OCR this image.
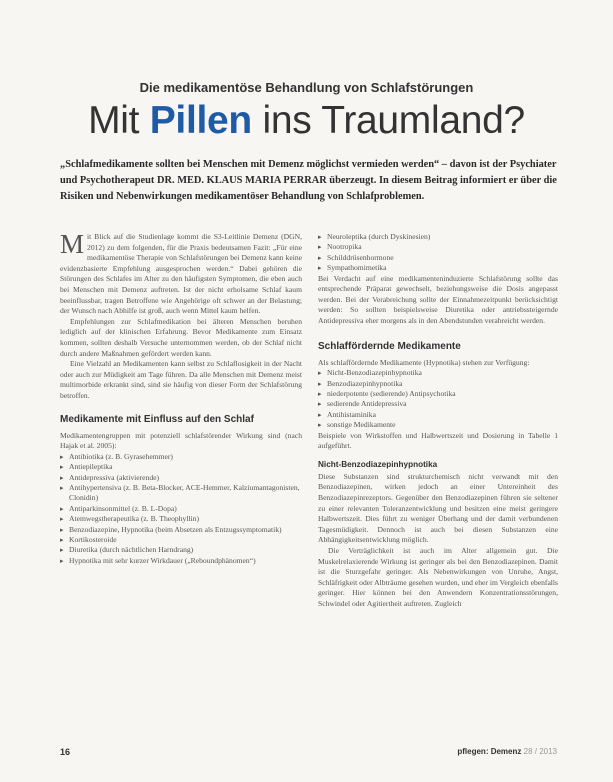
Die medikamentöse Behandlung von Schlafstörungen
Mit Pillen ins Traumland?

„Schlafmedikamente sollten bei Menschen mit Demenz möglichst vermieden werden“ – davon ist der Psychiater und Psychotherapeut DR. MED. KLAUS MARIA PERRAR überzeugt. In diesem Beitrag informiert er über die Risiken und Nebenwirkungen medikamentöser Behandlung von Schlafproblemen.

Mit Blick auf die Studienlage kommt die S3-Leitlinie Demenz (DGN, 2012) zu dem folgenden, für die Praxis bedeutsamen Fazit: „Für eine medikamentöse Therapie von Schlafstörungen bei Demenz kann keine evidenzbasierte Empfehlung ausgesprochen werden.“ Dabei gehören die Störungen des Schlafes im Alter zu den häufigsten Symptomen, die eben auch bei Menschen mit Demenz auftreten. Ist der nicht erholsame Schlaf kaum beeinflussbar, tragen Betroffene wie Angehörige oft schwer an der Belastung; der Wunsch nach Abhilfe ist groß, auch wenn Mittel kaum helfen.

Empfehlungen zur Schlafmedikation bei älteren Menschen beruhen lediglich auf der klinischen Erfahrung. Bevor Medikamente zum Einsatz kommen, sollten deshalb Versuche unternommen werden, ob der Schlaf nicht durch andere Maßnahmen gefördert werden kann.

Eine Vielzahl an Medikamenten kann selbst zu Schlaflosigkeit in der Nacht oder auch zur Müdigkeit am Tage führen. Da alle Menschen mit Demenz meist multimorbide erkrankt sind, sind sie häufig von dieser Form der Schlafstörung betroffen.

Medikamente mit Einfluss auf den Schlaf

Medikamentengruppen mit potenziell schlafstörender Wirkung sind (nach Hajak et al. 2005):

▸ Antibiotika (z. B. Gyrasehemmer)
▸ Antiepileptika
▸ Antidepressiva (aktivierende)
▸ Antihypertensiva (z. B. Beta-Blocker, ACE-Hemmer, Kalziumantagonisten, Clonidin)
▸ Antiparkinsonmittel (z. B. L-Dopa)
▸ Atemwegstherapeutika (z. B. Theophyllin)
▸ Benzodiazepine, Hypnotika (beim Absetzen als Entzugssymptomatik)
▸ Kortikosteroide
▸ Diuretika (durch nächtlichen Harndrang)
▸ Hypnotika mit sehr kurzer Wirkdauer („Reboundphänomen“)
▸ Neuroleptika (durch Dyskinesien)
▸ Nootropika
▸ Schilddrüsenhormone
▸ Sympathomimetika

Bei Verdacht auf eine medikamenteninduzierte Schlafstörung sollte das entsprechende Präparat gewechselt, beziehungsweise die Dosis angepasst werden. Bei der Verabreichung sollte der Einnahmezeitpunkt berücksichtigt werden: So sollten beispielsweise Diuretika oder antriebssteigernde Antidepressiva eher morgens als in den Abendstunden verabreicht werden.

Schlaffördernde Medikamente

Als schlaffördernde Medikamente (Hypnotika) stehen zur Verfügung:

▸ Nicht-Benzodiazepinhypnotika
▸ Benzodiazepinhypnotika
▸ niederpotente (sedierende) Antipsychotika
▸ sedierende Antidepressiva
▸ Antihistaminika
▸ sonstige Medikamente

Beispiele von Wirkstoffen und Halbwertszeit und Dosierung in Tabelle 1 aufgeführt.

Nicht-Benzodiazepinhypnotika

Diese Substanzen sind strukturchemisch nicht verwandt mit den Benzodiazepinen, wirken jedoch an einer Untereinheit des Benzodiazepinrezeptors. Gegenüber den Benzodiazepinen führen sie seltener zu einer relevanten Toleranzentwicklung und besitzen eine meist geringere Halbwertszeit. Dies führt zu weniger Überhang und der damit verbundenen Tagesmüdigkeit. Dennoch ist auch bei diesen Substanzen eine Abhängigkeitsentwicklung möglich.

Die Verträglichkeit ist auch im Alter allgemein gut. Die Muskelrelaxierende Wirkung ist geringer als bei den Benzodiazepinen. Damit ist die Sturzgefahr geringer. Als Nebenwirkungen von Unruhe, Angst, Schläfrigkeit oder Albträume gesehen wurden, und eher im Vergleich ebenfalls geringer. Hier können bei den Anwendern Konzentrationsstörungen, Schwindel oder Agitiertheit auftreten. Zugleich

16	pflegen: Demenz 28 / 2013
